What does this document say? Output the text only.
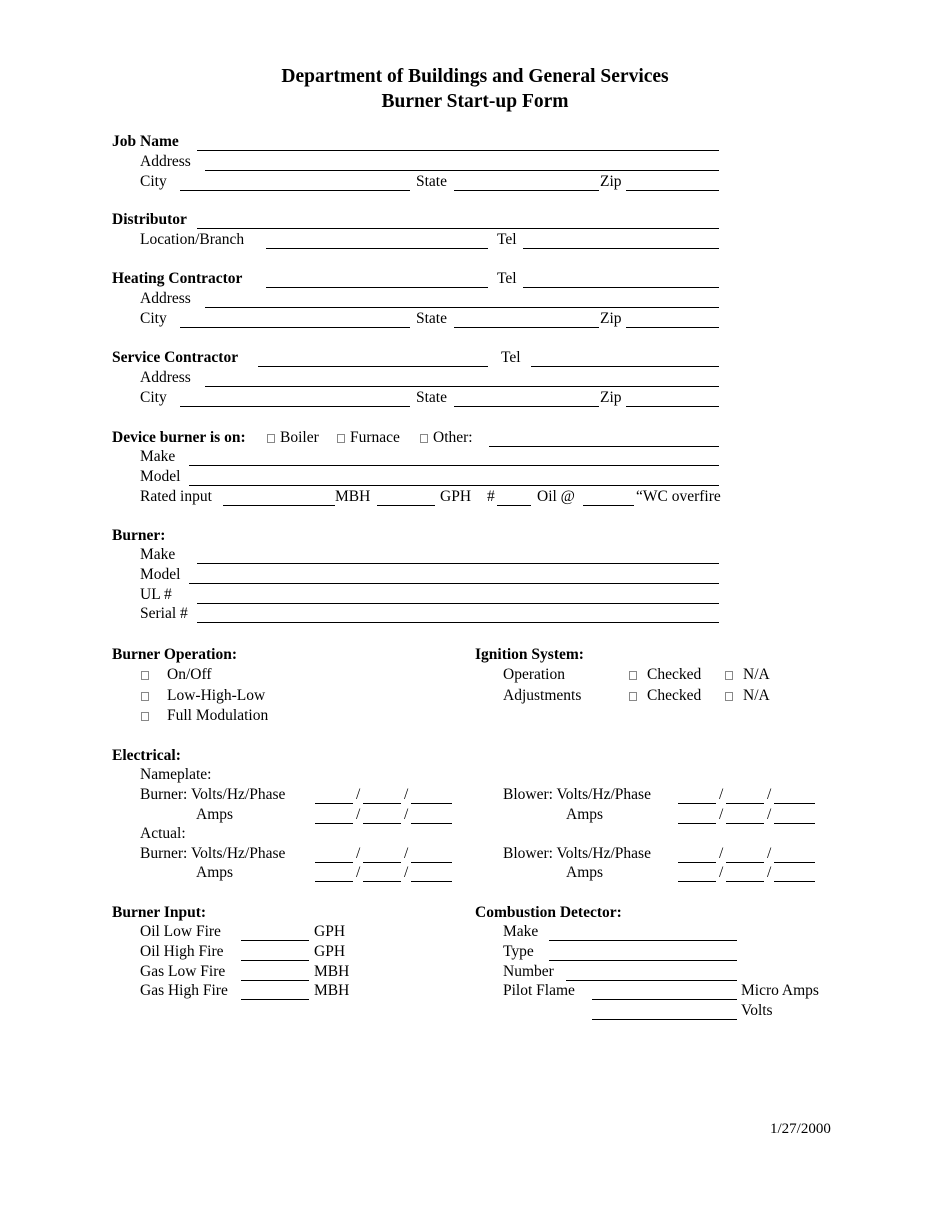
Department of Buildings and General Services
Burner Start-up Form
Job Name
Address
City	State	Zip
Distributor
Location/Branch	Tel
Heating Contractor	Tel
Address
City	State	Zip
Service Contractor	Tel
Address
City	State	Zip
Device burner is on: Boiler Furnace Other:
Make
Model
Rated input	MBH	GPH #	Oil @	“WC overfire
Burner:
Make
Model
UL #
Serial #
Burner Operation:
On/Off
Low-High-Low
Full Modulation
Ignition System:
Operation	Checked	N/A
Adjustments	Checked	N/A
Electrical:
Nameplate:
Burner: Volts/Hz/Phase	/	/
Amps	/	/
Blower: Volts/Hz/Phase	/	/
Amps	/	/
Actual:
Burner: Volts/Hz/Phase	/	/
Amps	/	/
Blower: Volts/Hz/Phase	/	/
Amps	/	/
Burner Input:
Oil Low Fire	GPH
Oil High Fire	GPH
Gas Low Fire	MBH
Gas High Fire	MBH
Combustion Detector:
Make
Type
Number
Pilot Flame	Micro Amps
Volts
1/27/2000
